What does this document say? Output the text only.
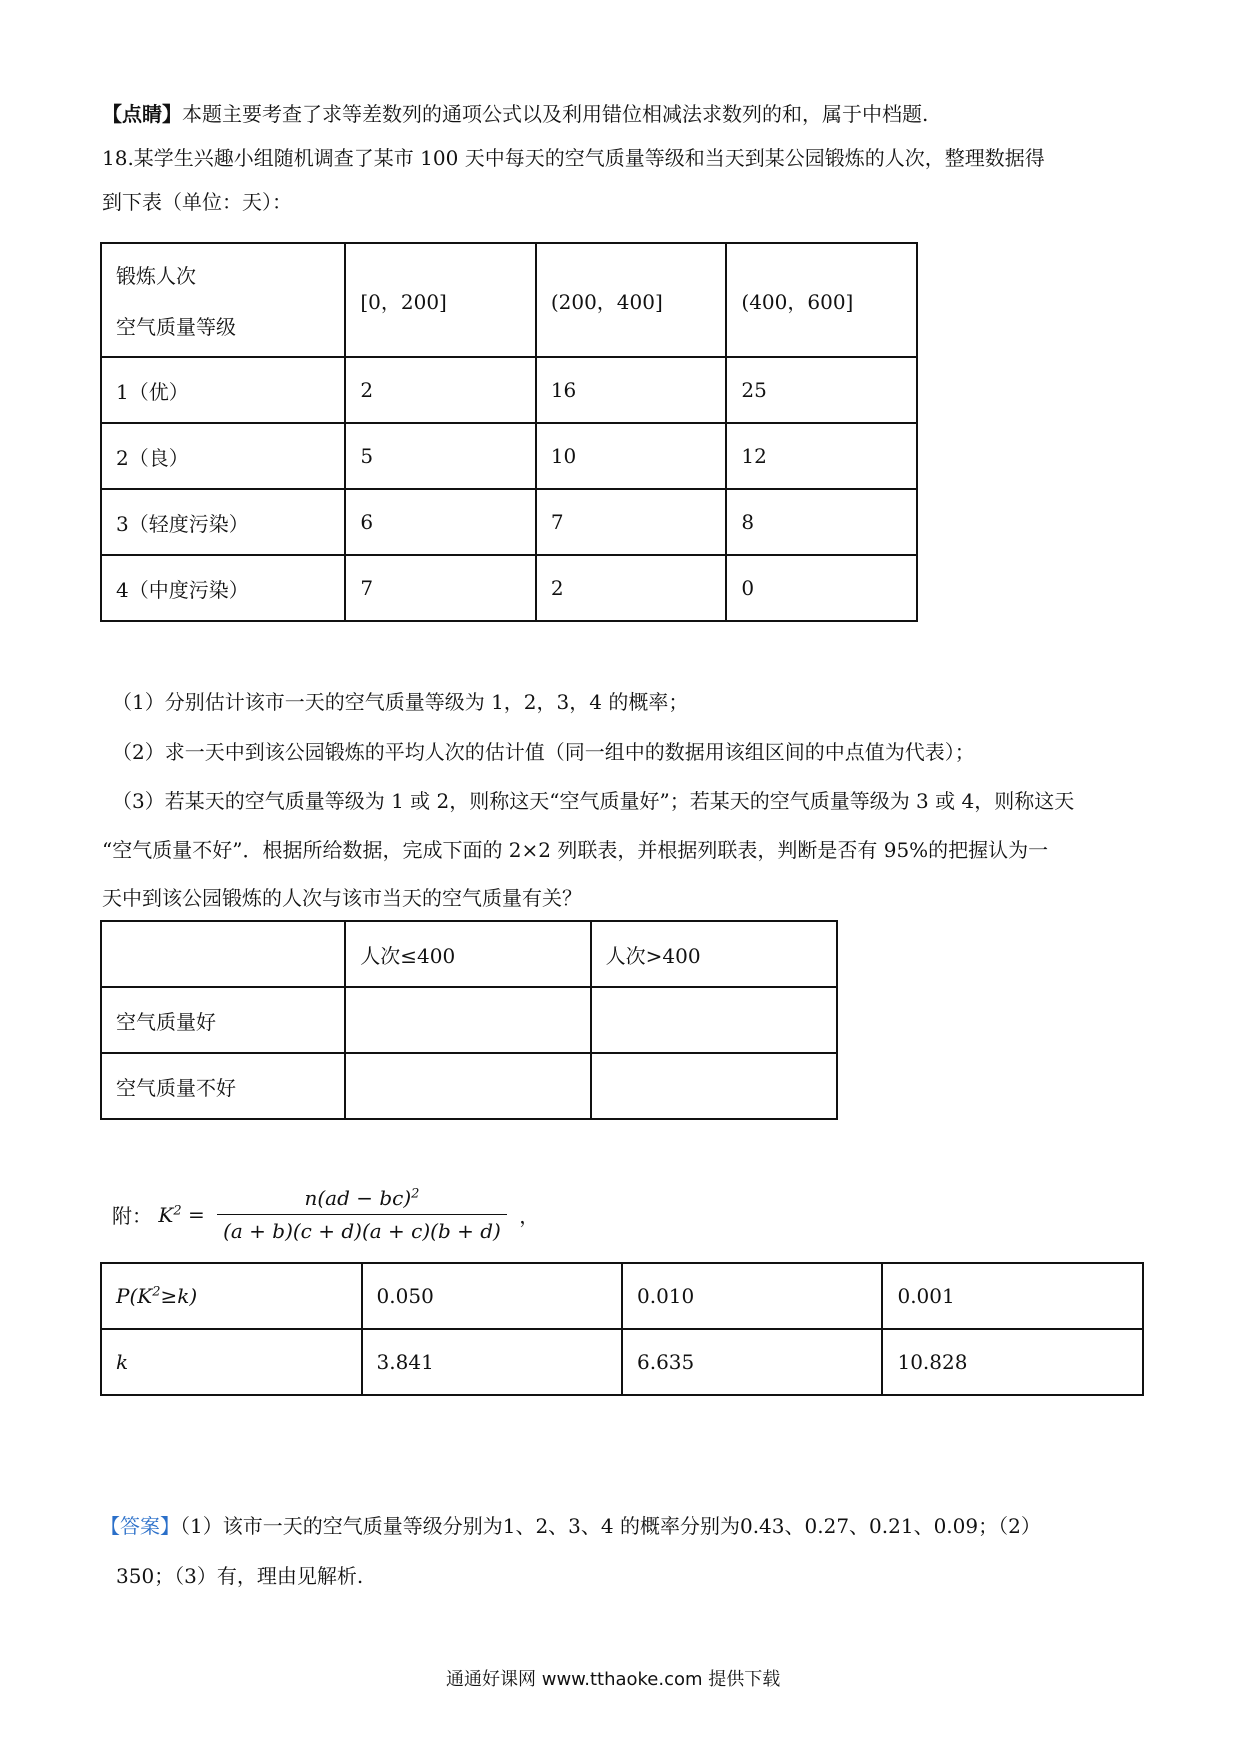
【点睛】本题主要考查了求等差数列的通项公式以及利用错位相减法求数列的和，属于中档题.
18.某学生兴趣小组随机调查了某市 100 天中每天的空气质量等级和当天到某公园锻炼的人次，整理数据得
到下表（单位：天）：
锻炼人次
空气质量等级	[0，200]	(200，400]	(400，600]
1（优）	2	16	25
2（良）	5	10	12
3（轻度污染）	6	7	8
4（中度污染）	7	2	0
（1）分别估计该市一天的空气质量等级为 1，2，3，4 的概率；
（2）求一天中到该公园锻炼的平均人次的估计值（同一组中的数据用该组区间的中点值为代表）；
（3）若某天的空气质量等级为 1 或 2，则称这天“空气质量好”；若某天的空气质量等级为 3 或 4，则称这天
“空气质量不好”．根据所给数据，完成下面的 2×2 列联表，并根据列联表，判断是否有 95%的把握认为一
天中到该公园锻炼的人次与该市当天的空气质量有关？
	人次≤400	人次>400
空气质量好		
空气质量不好		
附： $K^2 = \frac{n(ad - bc)^2}{(a + b)(c + d)(a + c)(b + d)}$ ，
$P(K^2\ge k)$	0.050	0.010	0.001
k	3.841	6.635	10.828
【答案】（1）该市一天的空气质量等级分别为1、2、3、4 的概率分别为0.43、0.27、0.21、0.09；（2）
350；（3）有，理由见解析.
通通好课网 www.tthaoke.com 提供下载
